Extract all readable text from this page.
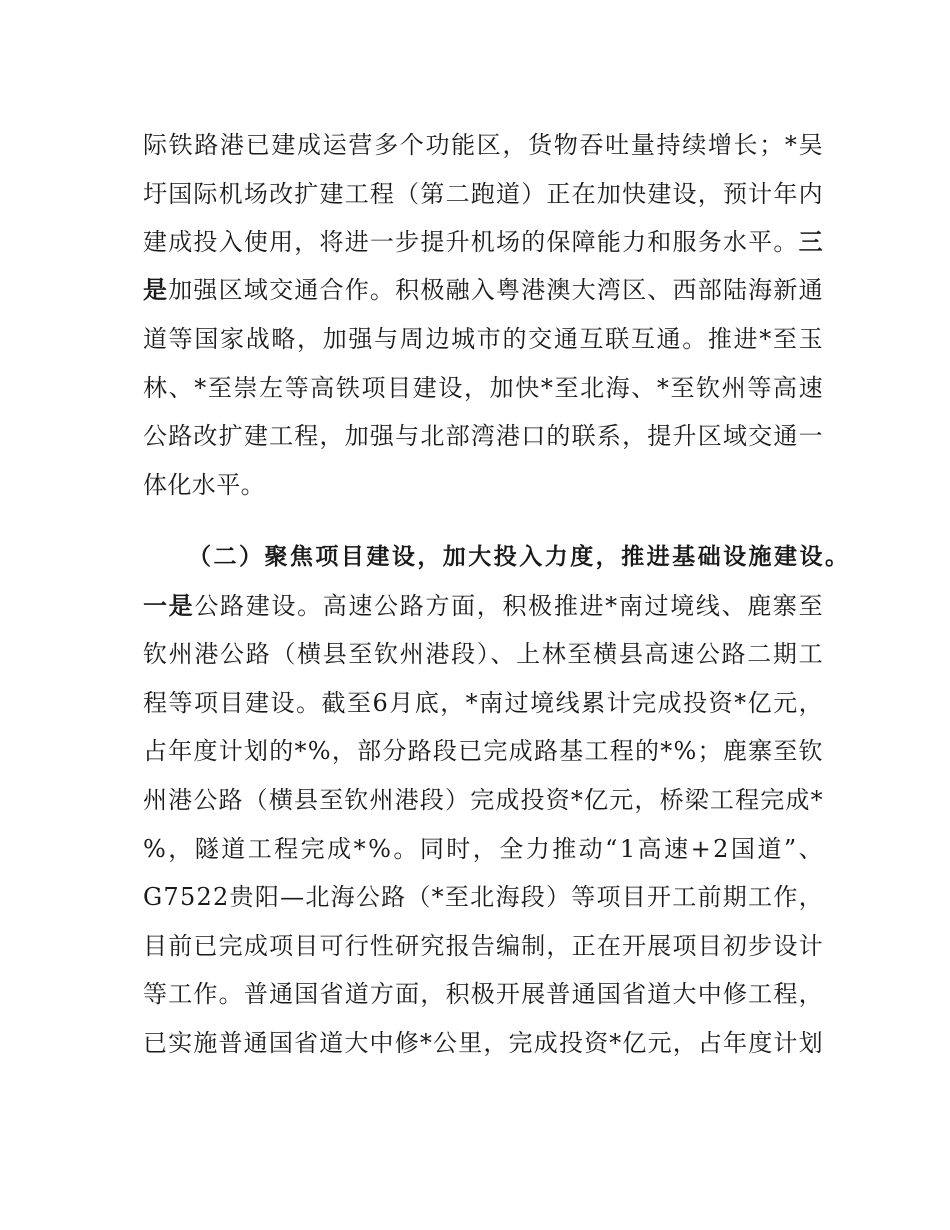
际铁路港已建成运营多个功能区，货物吞吐量持续增长；*吴
圩国际机场改扩建工程（第二跑道）正在加快建设，预计年内
建成投入使用，将进一步提升机场的保障能力和服务水平。三
是加强区域交通合作。积极融入粤港澳大湾区、西部陆海新通
道等国家战略，加强与周边城市的交通互联互通。推进*至玉
林、*至崇左等高铁项目建设，加快*至北海、*至钦州等高速
公路改扩建工程，加强与北部湾港口的联系，提升区域交通一
体化水平。
（二）聚焦项目建设，加大投入力度，推进基础设施建设。
一是公路建设。高速公路方面，积极推进*南过境线、鹿寨至
钦州港公路（横县至钦州港段）、上林至横县高速公路二期工
程等项目建设。截至6月底，*南过境线累计完成投资*亿元，
占年度计划的*%，部分路段已完成路基工程的*%；鹿寨至钦
州港公路（横县至钦州港段）完成投资*亿元，桥梁工程完成*
%，隧道工程完成*%。同时，全力推动“1高速+2国道”、
G7522贵阳—北海公路（*至北海段）等项目开工前期工作，
目前已完成项目可行性研究报告编制，正在开展项目初步设计
等工作。普通国省道方面，积极开展普通国省道大中修工程，
已实施普通国省道大中修*公里，完成投资*亿元，占年度计划
